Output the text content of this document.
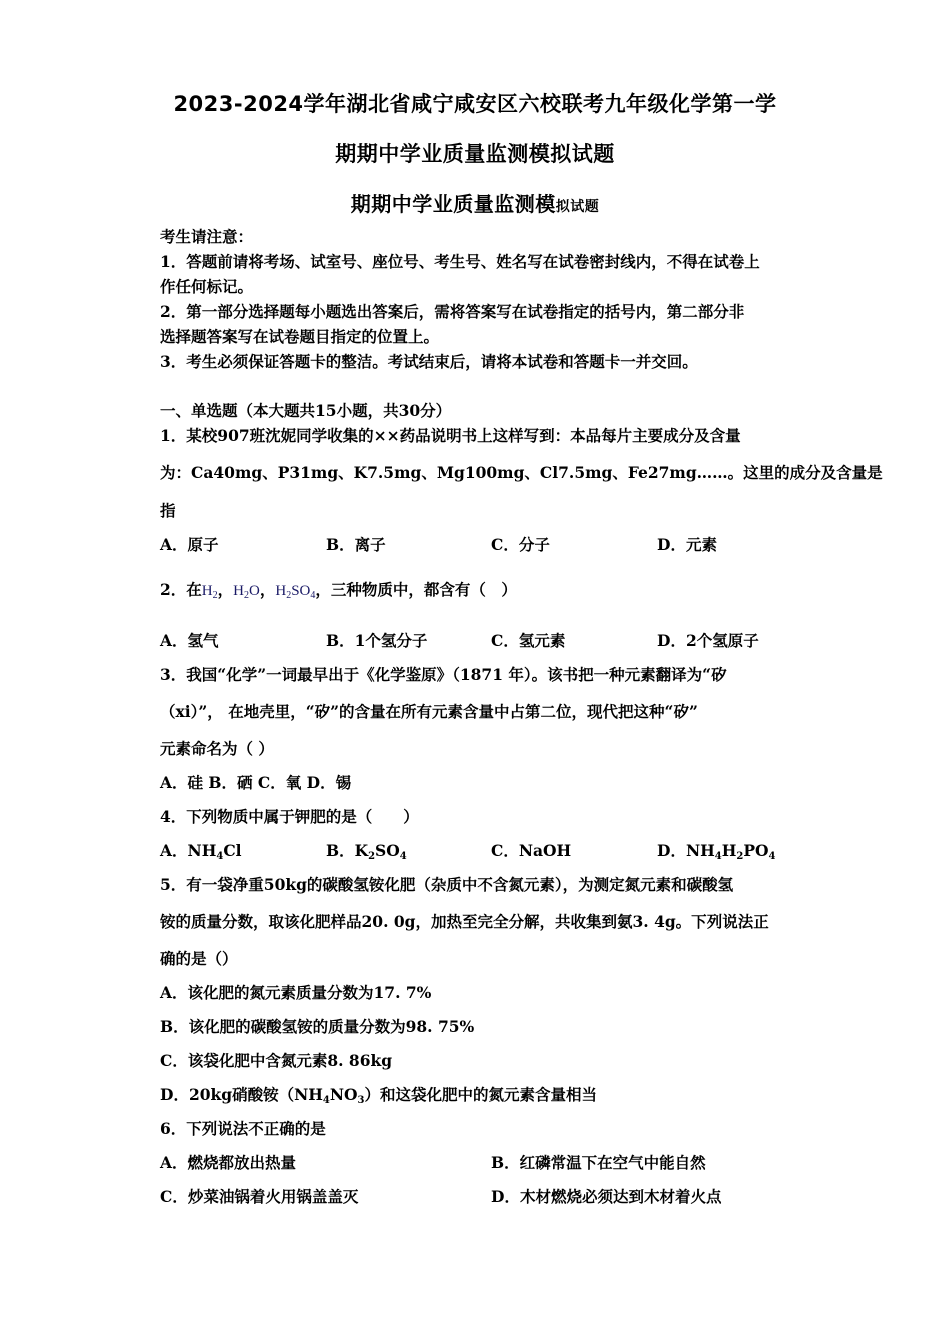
2023-2024学年湖北省咸宁咸安区六校联考九年级化学第一学
期期中学业质量监测模拟试题
期期中学业质量监测模拟试题
考生请注意：
1．答题前请将考场、试室号、座位号、考生号、姓名写在试卷密封线内，不得在试卷上
作任何标记。
2．第一部分选择题每小题选出答案后，需将答案写在试卷指定的括号内，第二部分非
选择题答案写在试卷题目指定的位置上。
3．考生必须保证答题卡的整洁。考试结束后，请将本试卷和答题卡一并交回。
一、单选题（本大题共15小题，共30分）
1．某校907班沈妮同学收集的××药品说明书上这样写到：本品每片主要成分及含量
为：Ca40mg、P31mg、K7.5mg、Mg100mg、Cl7.5mg、Fe27mg……。这里的成分及含量是
指
A．原子	B．离子	C．分子	D．元素
2．在$H_2$，$H_2O$，$H_2SO_4$，三种物质中，都含有（　）
A．氢气	B．1个氢分子	C．氢元素	D．2个氢原子
3．我国“化学”一词最早出于《化学鉴原》（1871 年）。该书把一种元素翻译为“矽
（xi）”， 在地壳里，“矽”的含量在所有元素含量中占第二位，现代把这种“矽”
元素命名为（ ）
A．硅 B．硒 C．氧 D．锡
4．下列物质中属于钾肥的是（　　）
A．$NH_4Cl$	B．$K_2SO_4$	C．NaOH	D．$NH_4H_2PO_4$
5．有一袋净重50kg的碳酸氢铵化肥（杂质中不含氮元素），为测定氮元素和碳酸氢
铵的质量分数，取该化肥样品20. 0g，加热至完全分解，共收集到氨3. 4g。下列说法正
确的是（）
A．该化肥的氮元素质量分数为17. 7%
B．该化肥的碳酸氢铵的质量分数为98. 75%
C．该袋化肥中含氮元素8. 86kg
D．20kg硝酸铵$(NH_4NO_3)$和这袋化肥中的氮元素含量相当
6．下列说法不正确的是
A．燃烧都放出热量	B．红磷常温下在空气中能自然
C．炒菜油锅着火用锅盖盖灭	D．木材燃烧必须达到木材着火点
